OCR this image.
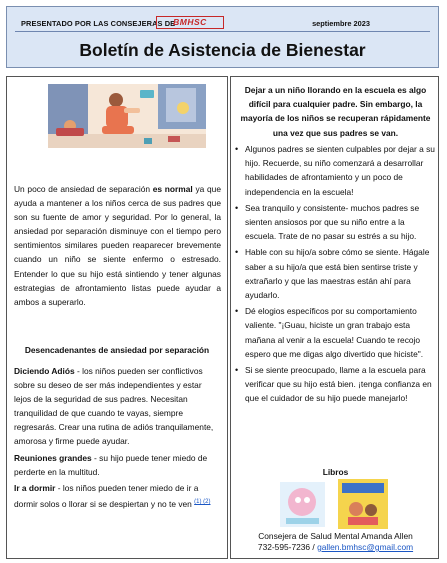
PRESENTADO POR LAS CONSEJERAS DE
BMHSC	septiembre 2023
Boletín de Asistencia de Bienestar
Un poco de ansiedad de separación es normal ya que ayuda a mantener a los niños cerca de sus padres que son su fuente de amor y seguridad. Por lo general, la ansiedad por separación disminuye con el tiempo pero sentimientos similares pueden reaparecer brevemente cuando un niño se siente enfermo o estresado. Entender lo que su hijo está sintiendo y tener algunas estrategias de afrontamiento listas puede ayudar a ambos a superarlo.
Desencadenantes de ansiedad por separación

Diciendo Adiós - los niños pueden ser conflictivos sobre su deseo de ser más independientes y estar lejos de la seguridad de sus padres. Necesitan tranquilidad de que cuando te vayas, siempre regresarás. Crear una rutina de adiós tranquilamente, amorosa y firme puede ayudar.

Reuniones grandes - su hijo puede tener miedo de perderte en la multitud.

Ir a dormir - los niños pueden tener miedo de ir a dormir solos o llorar si se despiertan y no te ven $^{(1) (2)}$

Dejar a un niño llorando en la escuela es algo difícil para cualquier padre. Sin embargo, la mayoría de los niños se recuperan rápidamente una vez que sus padres se van.
• Algunos padres se sienten culpables por dejar a su hijo. Recuerde, su niño comenzará a desarrollar habilidades de afrontamiento y un poco de independencia en la escuela!
• Sea tranquilo y consistente- muchos padres se sienten ansiosos por que su niño entre a la escuela. Trate de no pasar su estrés a su hijo.
• Hable con su hijo/a sobre cómo se siente. Hágale saber a su hijo/a que está bien sentirse triste y extrañarlo y que las maestras están ahí para ayudarlo.
• Dé elogios específicos por su comportamiento valiente. "¡Guau, hiciste un gran trabajo esta mañana al venir a la escuela! Cuando te recojo espero que me digas algo divertido que hiciste".
• Si se siente preocupado, llame a la escuela para verificar que su hijo está bien. ¡tenga confianza en que el cuidador de su hijo puede manejarlo!
Libros
Consejera de Salud Mental Amanda Allen
732-595-7236 / gallen.bmhsc@gmail.com
